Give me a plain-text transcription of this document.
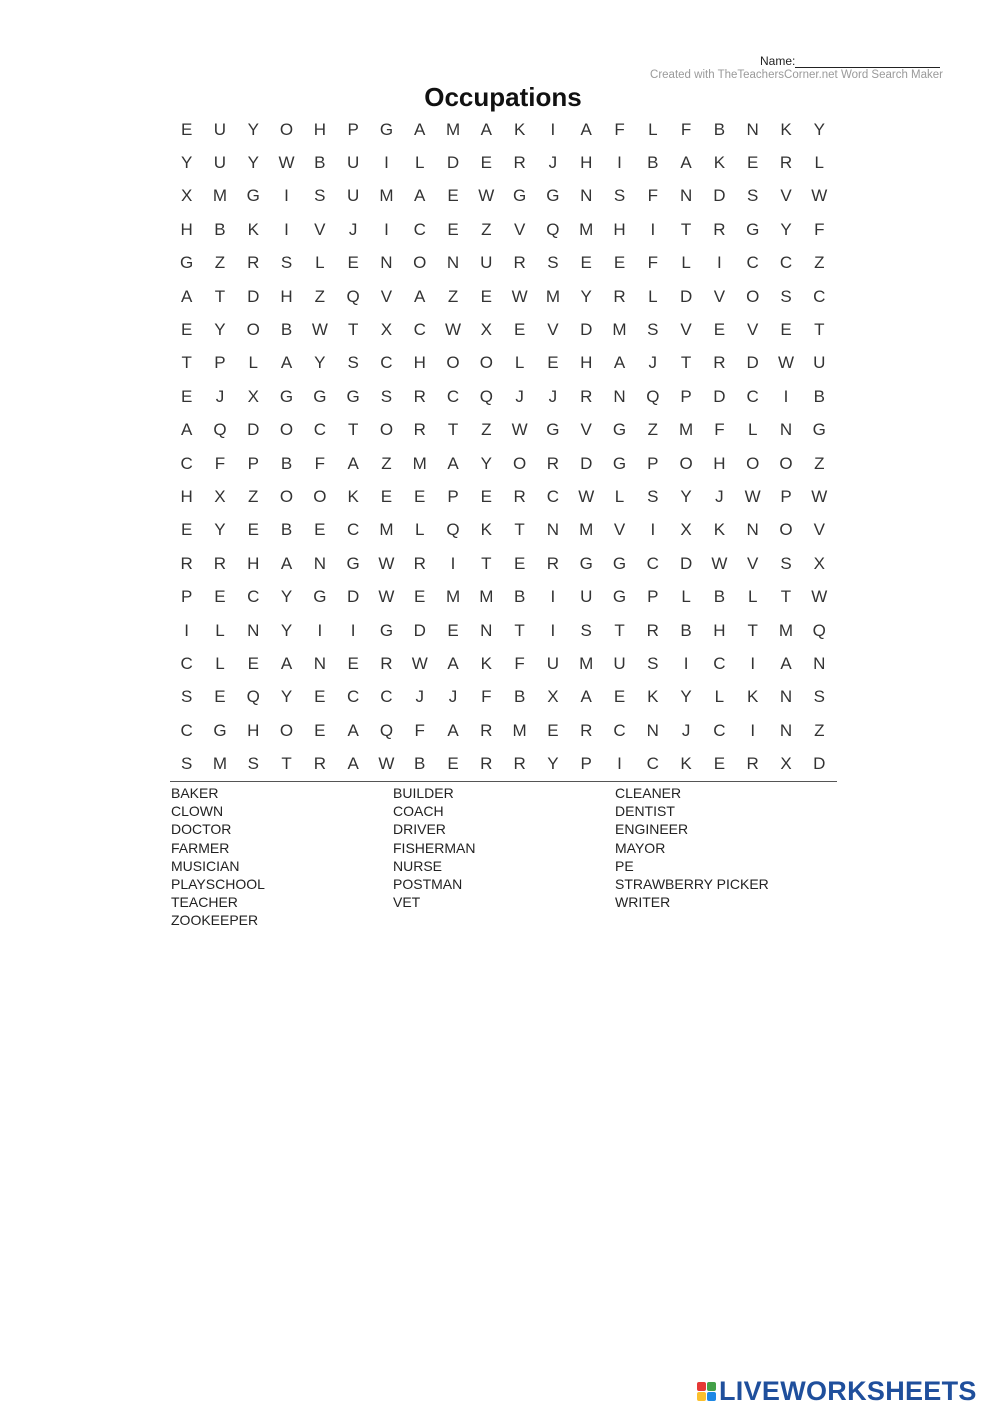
Name:
Created with TheTeachersCorner.net Word Search Maker
Occupations
E	U	Y	O	H	P	G	A	M	A	K	I	A	F	L	F	B	N	K	Y
Y	U	Y	W	B	U	I	L	D	E	R	J	H	I	B	A	K	E	R	L
X	M	G	I	S	U	M	A	E	W	G	G	N	S	F	N	D	S	V	W
H	B	K	I	V	J	I	C	E	Z	V	Q	M	H	I	T	R	G	Y	F
G	Z	R	S	L	E	N	O	N	U	R	S	E	E	F	L	I	C	C	Z
A	T	D	H	Z	Q	V	A	Z	E	W	M	Y	R	L	D	V	O	S	C
E	Y	O	B	W	T	X	C	W	X	E	V	D	M	S	V	E	V	E	T
T	P	L	A	Y	S	C	H	O	O	L	E	H	A	J	T	R	D	W	U
E	J	X	G	G	G	S	R	C	Q	J	J	R	N	Q	P	D	C	I	B
A	Q	D	O	C	T	O	R	T	Z	W	G	V	G	Z	M	F	L	N	G
C	F	P	B	F	A	Z	M	A	Y	O	R	D	G	P	O	H	O	O	Z
H	X	Z	O	O	K	E	E	P	E	R	C	W	L	S	Y	J	W	P	W
E	Y	E	B	E	C	M	L	Q	K	T	N	M	V	I	X	K	N	O	V
R	R	H	A	N	G	W	R	I	T	E	R	G	G	C	D	W	V	S	X
P	E	C	Y	G	D	W	E	M	M	B	I	U	G	P	L	B	L	T	W
I	L	N	Y	I	I	G	D	E	N	T	I	S	T	R	B	H	T	M	Q
C	L	E	A	N	E	R	W	A	K	F	U	M	U	S	I	C	I	A	N
S	E	Q	Y	E	C	C	J	J	F	B	X	A	E	K	Y	L	K	N	S
C	G	H	O	E	A	Q	F	A	R	M	E	R	C	N	J	C	I	N	Z
S	M	S	T	R	A	W	B	E	R	R	Y	P	I	C	K	E	R	X	D
BAKER	BUILDER	CLEANER
CLOWN	COACH	DENTIST
DOCTOR	DRIVER	ENGINEER
FARMER	FISHERMAN	MAYOR
MUSICIAN	NURSE	PE
PLAYSCHOOL	POSTMAN	STRAWBERRY PICKER
TEACHER	VET	WRITER
ZOOKEEPER
LIVEWORKSHEETS
